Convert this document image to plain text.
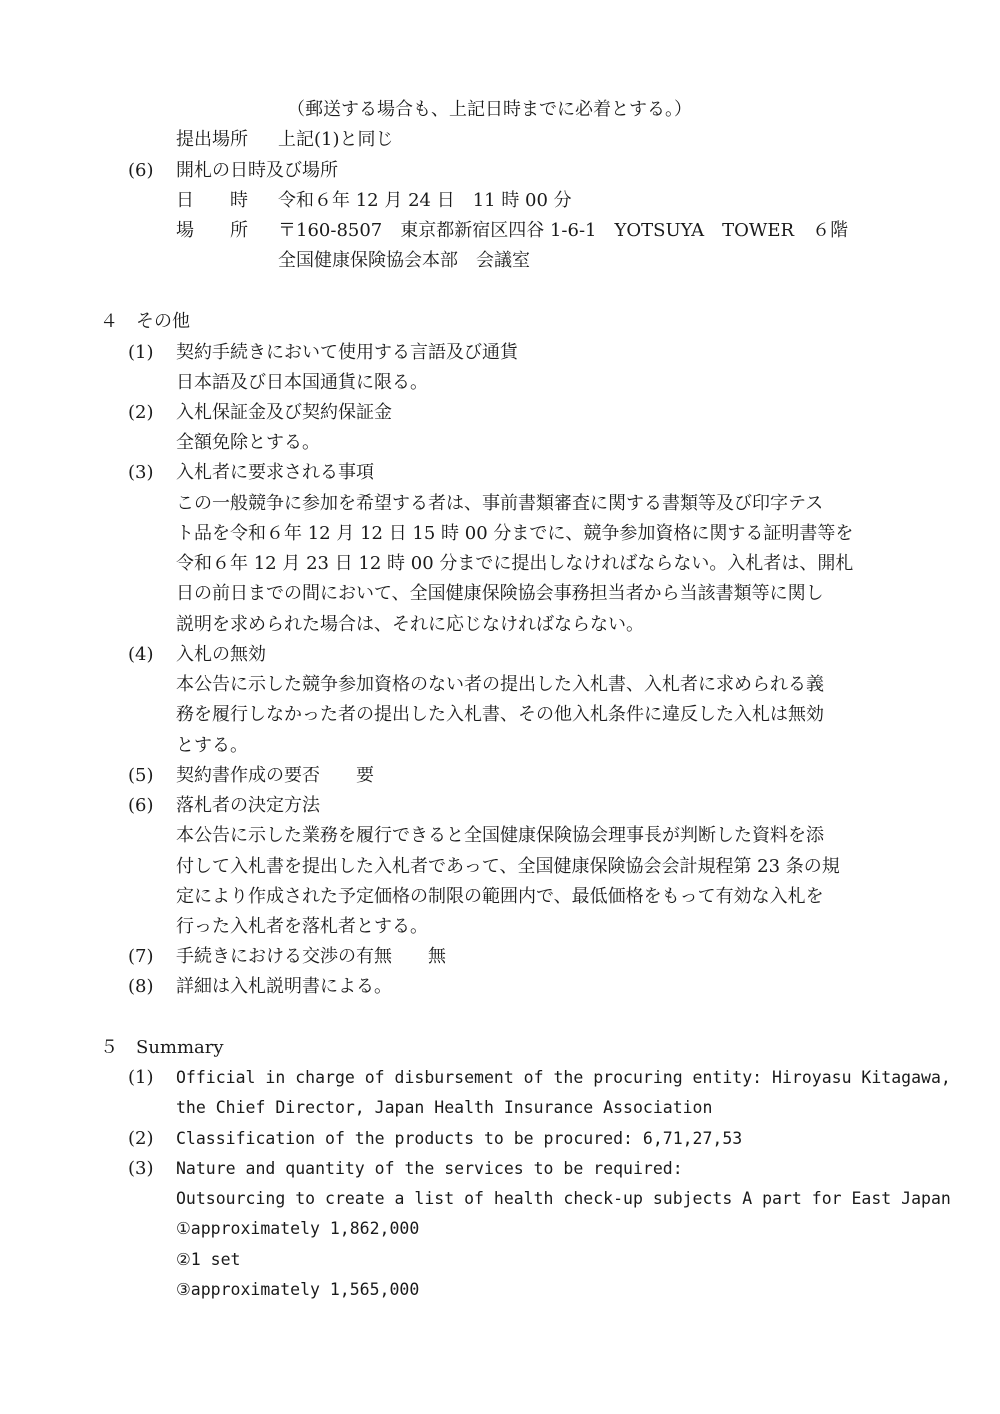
（郵送する場合も、上記日時までに必着とする。）
提出場所 上記(1)と同じ
(6) 開札の日時及び場所
日　　時 令和６年 12 月 24 日　11 時 00 分
場　　所 〒160-8507　東京都新宿区四谷 1-6-1　YOTSUYA　TOWER　６階
全国健康保険協会本部　会議室
４　その他
(1) 契約手続きにおいて使用する言語及び通貨
日本語及び日本国通貨に限る。
(2) 入札保証金及び契約保証金
全額免除とする。
(3) 入札者に要求される事項
この一般競争に参加を希望する者は、事前書類審査に関する書類等及び印字テス
ト品を令和６年 12 月 12 日 15 時 00 分までに、競争参加資格に関する証明書等を
令和６年 12 月 23 日 12 時 00 分までに提出しなければならない。入札者は、開札
日の前日までの間において、全国健康保険協会事務担当者から当該書類等に関し
説明を求められた場合は、それに応じなければならない。
(4) 入札の無効
本公告に示した競争参加資格のない者の提出した入札書、入札者に求められる義
務を履行しなかった者の提出した入札書、その他入札条件に違反した入札は無効
とする。
(5) 契約書作成の要否　　要
(6) 落札者の決定方法
本公告に示した業務を履行できると全国健康保険協会理事長が判断した資料を添
付して入札書を提出した入札者であって、全国健康保険協会会計規程第 23 条の規
定により作成された予定価格の制限の範囲内で、最低価格をもって有効な入札を
行った入札者を落札者とする。
(7) 手続きにおける交渉の有無　　無
(8) 詳細は入札説明書による。
５　Summary
(1) Official in charge of disbursement of the procuring entity: Hiroyasu Kitagawa,
the Chief Director, Japan Health Insurance Association
(2) Classification of the products to be procured: 6,71,27,53
(3) Nature and quantity of the services to be required:
Outsourcing to create a list of health check-up subjects A part for East Japan
①approximately 1,862,000
②1 set
③approximately 1,565,000
